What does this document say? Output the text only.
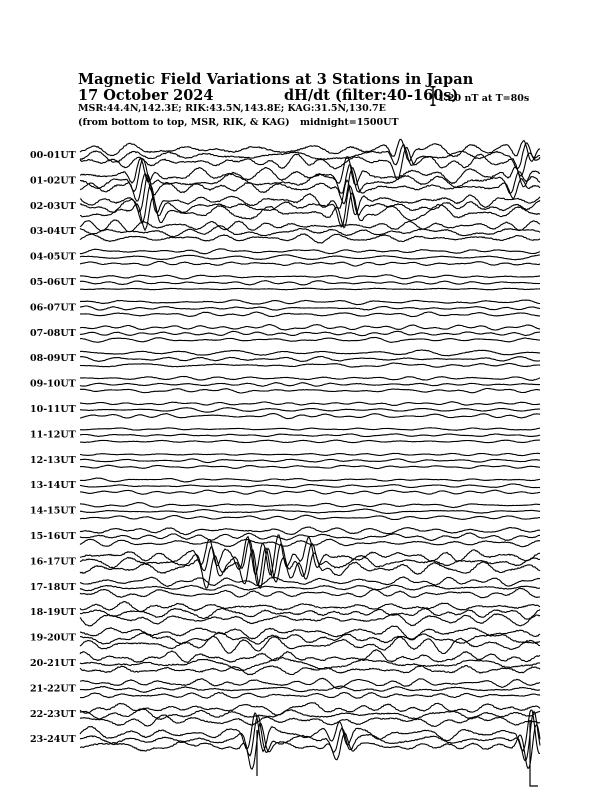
Magnetic Field Variations at 3 Stations in Japan
17 October 2024	dH/dt (filter:40-160s)
MSR:44.4N,142.3E; RIK:43.5N,143.8E; KAG:31.5N,130.7E
(from bottom to top, MSR, RIK, & KAG) midnight=1500UT
1.20 nT at T=80s
00-01UT
01-02UT
02-03UT
03-04UT
04-05UT
05-06UT
06-07UT
07-08UT
08-09UT
09-10UT
10-11UT
11-12UT
12-13UT
13-14UT
14-15UT
15-16UT
16-17UT
17-18UT
18-19UT
19-20UT
20-21UT
21-22UT
22-23UT
23-24UT
